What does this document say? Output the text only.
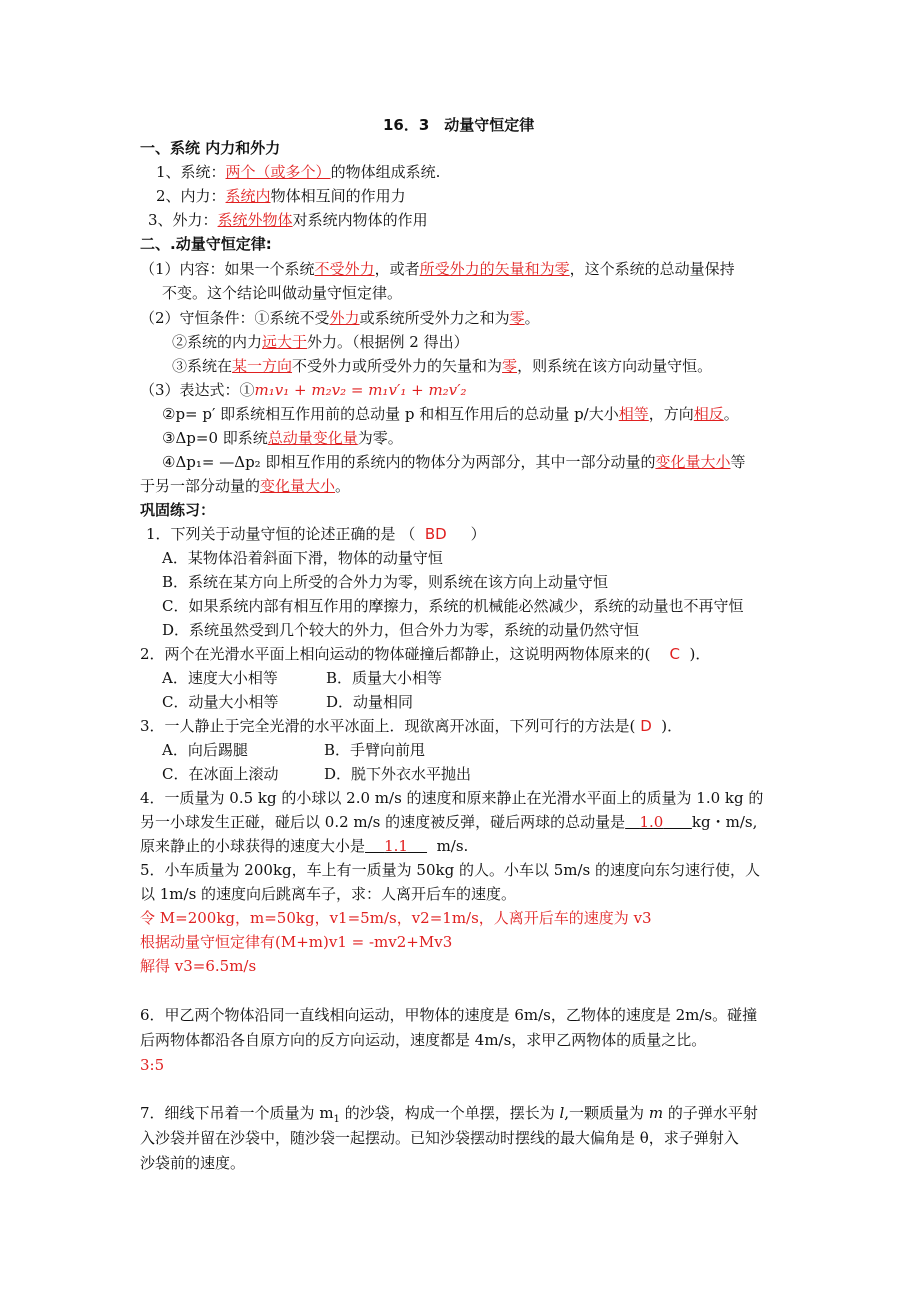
16．3　动量守恒定律
一、系统 内力和外力
1、系统：两个（或多个）的物体组成系统.
2、内力：系统内物体相互间的作用力
3、外力：系统外物体对系统内物体的作用
二、.动量守恒定律:
（1）内容：如果一个系统不受外力，或者所受外力的矢量和为零，这个系统的总动量保持
不变。这个结论叫做动量守恒定律。
（2）守恒条件：①系统不受外力或系统所受外力之和为零。
②系统的内力远大于外力。（根据例 2 得出）
③系统在某一方向不受外力或所受外力的矢量和为零，则系统在该方向动量守恒。
（3）表达式：①m₁v₁ + m₂v₂ = m₁v′₁ + m₂v′₂
②p= p′ 即系统相互作用前的总动量 p 和相互作用后的总动量 p/大小相等，方向相反。
③Δp=0 即系统总动量变化量为零。
④Δp₁= —Δp₂ 即相互作用的系统内的物体分为两部分，其中一部分动量的变化量大小等
于另一部分动量的变化量大小。
巩固练习：
1．下列关于动量守恒的论述正确的是 （ BD ）
A．某物体沿着斜面下滑，物体的动量守恒
B．系统在某方向上所受的合外力为零，则系统在该方向上动量守恒
C．如果系统内部有相互作用的摩擦力，系统的机械能必然减少，系统的动量也不再守恒
D．系统虽然受到几个较大的外力，但合外力为零，系统的动量仍然守恒
2．两个在光滑水平面上相向运动的物体碰撞后都静止，这说明两物体原来的( C )．
A．速度大小相等	B．质量大小相等
C．动量大小相等	D．动量相同
3．一人静止于完全光滑的水平冰面上．现欲离开冰面，下列可行的方法是( D )．
A．向后踢腿	B．手臂向前甩
C．在冰面上滚动	D．脱下外衣水平抛出
4．一质量为 0.5 kg 的小球以 2.0 m/s 的速度和原来静止在光滑水平面上的质量为 1.0 kg 的
另一小球发生正碰，碰后以 0.2 m/s 的速度被反弹，碰后两球的总动量是 1.0 kg・m/s,
原来静止的小球获得的速度大小是 1.1 m/s.
5．小车质量为 200kg，车上有一质量为 50kg 的人。小车以 5m/s 的速度向东匀速行使，人
以 1m/s 的速度向后跳离车子，求：人离开后车的速度。
令 M=200kg，m=50kg，v1=5m/s，v2=1m/s，人离开后车的速度为 v3
根据动量守恒定律有(M+m)v1 = -mv2+Mv3
解得 v3=6.5m/s
6．甲乙两个物体沿同一直线相向运动，甲物体的速度是 6m/s，乙物体的速度是 2m/s。碰撞
后两物体都沿各自原方向的反方向运动，速度都是 4m/s，求甲乙两物体的质量之比。
3:5
7．细线下吊着一个质量为 $m_1$ 的沙袋，构成一个单摆，摆长为 l,一颗质量为 m 的子弹水平射
入沙袋并留在沙袋中，随沙袋一起摆动。已知沙袋摆动时摆线的最大偏角是 θ，求子弹射入
沙袋前的速度。
